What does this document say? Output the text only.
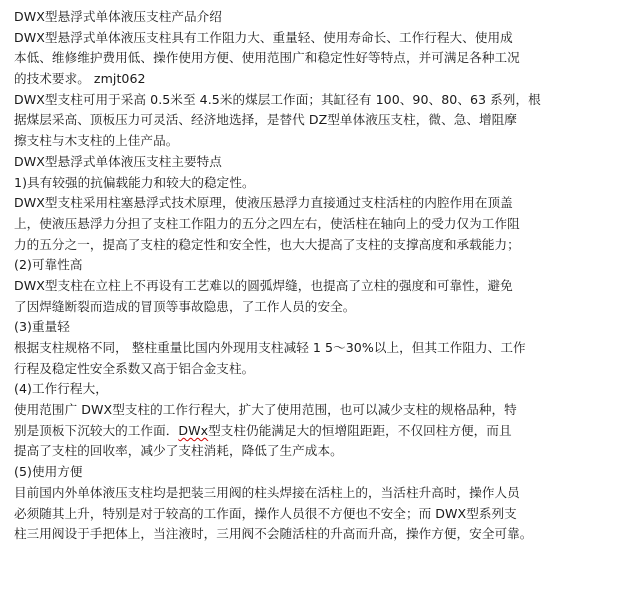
DWX型悬浮式单体液压支柱产品介绍
DWX型悬浮式单体液压支柱具有工作阻力大、重量轻、使用寿命长、工作行程大、使用成
本低、维修维护费用低、操作使用方便、使用范围广和稳定性好等特点，并可满足各种工况
的技术要求。 zmjt062
DWX型支柱可用于采高 0.5米至 4.5米的煤层工作面；其缸径有 100、90、80、63 系列，根
据煤层采高、顶板压力可灵活、经济地选择，是替代 DZ型单体液压支柱，微、急、增阻摩
擦支柱与木支柱的上佳产品。
DWX型悬浮式单体液压支柱主要特点
1)具有较强的抗偏载能力和较大的稳定性。
DWX型支柱采用柱塞悬浮式技术原理，使液压悬浮力直接通过支柱活柱的内腔作用在顶盖
上，使液压悬浮力分担了支柱工作阻力的五分之四左右，使活柱在轴向上的受力仅为工作阻
力的五分之一，提高了支柱的稳定性和安全性，也大大提高了支柱的支撑高度和承载能力；
(2)可靠性高
DWX型支柱在立柱上不再设有工艺难以的圆弧焊缝，也提高了立柱的强度和可靠性，避免
了因焊缝断裂而造成的冒顶等事故隐患，了工作人员的安全。
(3)重量轻
根据支柱规格不同， 整柱重量比国内外现用支柱减轻 1 5～30%以上，但其工作阻力、工作
行程及稳定性安全系数又高于铝合金支柱。
(4)工作行程大，
使用范围广 DWX型支柱的工作行程大，扩大了使用范围，也可以减少支柱的规格品种，特
别是顶板下沉较大的工作面．DWx型支柱仍能满足大的恒增阻距距，不仅回柱方便，而且
提高了支柱的回收率，减少了支柱消耗，降低了生产成本。
(5)使用方便
目前国内外单体液压支柱均是把装三用阀的柱头焊接在活柱上的，当活柱升高时，操作人员
必须随其上升，特别是对于较高的工作面，操作人员很不方便也不安全；而 DWX型系列支
柱三用阀设于手把体上，当注液时，三用阀不会随活柱的升高而升高，操作方便，安全可靠。
